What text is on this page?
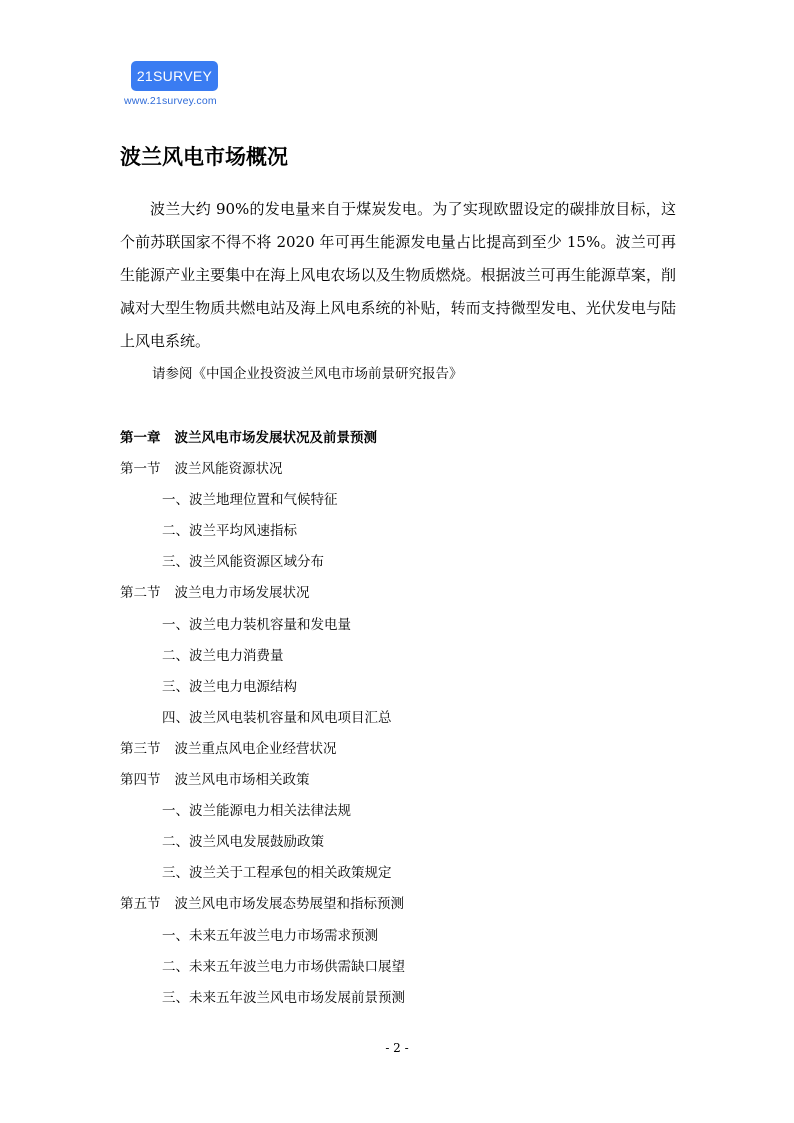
21SURVEY
www.21survey.com
波兰风电市场概况

波兰大约 90%的发电量来自于煤炭发电。为了实现欧盟设定的碳排放目标，这个前苏联国家不得不将 2020 年可再生能源发电量占比提高到至少 15%。波兰可再生能源产业主要集中在海上风电农场以及生物质燃烧。根据波兰可再生能源草案，削减对大型生物质共燃电站及海上风电系统的补贴，转而支持微型发电、光伏发电与陆上风电系统。

请参阅《中国企业投资波兰风电市场前景研究报告》

第一章 波兰风电市场发展状况及前景预测
第一节 波兰风能资源状况
一、波兰地理位置和气候特征
二、波兰平均风速指标
三、波兰风能资源区域分布
第二节 波兰电力市场发展状况
一、波兰电力装机容量和发电量
二、波兰电力消费量
三、波兰电力电源结构
四、波兰风电装机容量和风电项目汇总
第三节 波兰重点风电企业经营状况
第四节 波兰风电市场相关政策
一、波兰能源电力相关法律法规
二、波兰风电发展鼓励政策
三、波兰关于工程承包的相关政策规定
第五节 波兰风电市场发展态势展望和指标预测
一、未来五年波兰电力市场需求预测
二、未来五年波兰电力市场供需缺口展望
三、未来五年波兰风电市场发展前景预测
- 2 -
